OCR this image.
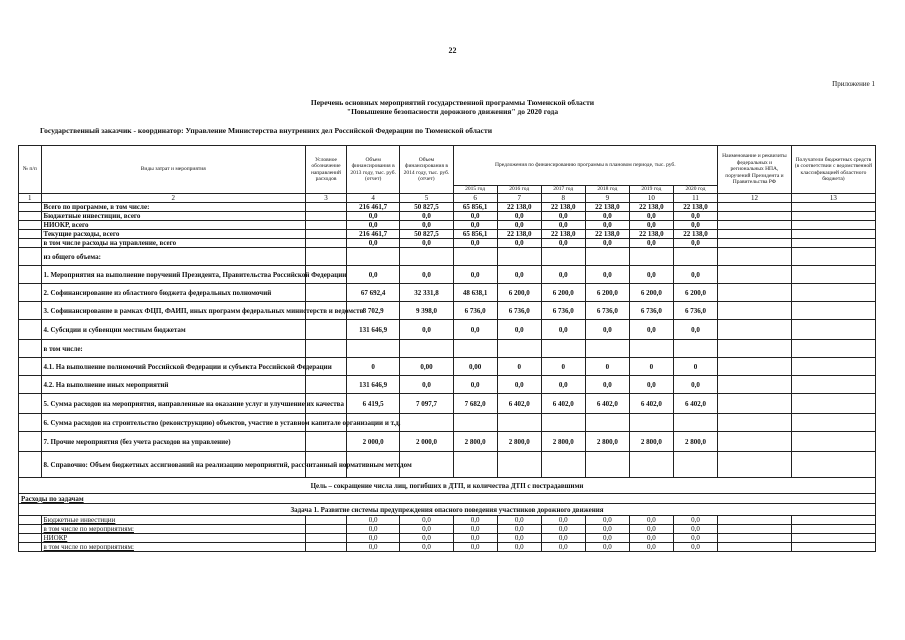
22
Приложение 1
Перечень основных мероприятий государственной программы Тюменской области
"Повышение безопасности дорожного движения" до 2020 года
Государственный заказчик - координатор: Управление Министерства внутренних дел Российской Федерации по Тюменской области
№ п/п	Виды затрат и мероприятия	Условное обозначение направлений расходов	Объем финансирования в 2013 году, тыс. руб. (отчет)	Объем финансирования в 2014 году, тыс. руб. (отчет)	Предложения по финансированию программы в плановом периоде, тыс. руб.						Наименование и реквизиты федеральных и региональных НПА, поручений Президента и Правительства РФ	Получатели бюджетных средств (в соответствии с ведомственной классификацией областного бюджета)
					2015 год	2016 год	2017 год	2018 год	2019 год	2020 год		
1	2	3	4	5	6	7	8	9	10	11	12	13
	Всего по программе, в том числе:		216 461,7	50 827,5	65 856,1	22 138,0	22 138,0	22 138,0	22 138,0	22 138,0		
	Бюджетные инвестиции, всего		0,0	0,0	0,0	0,0	0,0	0,0	0,0	0,0		
	НИОКР, всего		0,0	0,0	0,0	0,0	0,0	0,0	0,0	0,0		
	Текущие расходы, всего		216 461,7	50 827,5	65 856,1	22 138,0	22 138,0	22 138,0	22 138,0	22 138,0		
	в том числе расходы на управление, всего		0,0	0,0	0,0	0,0	0,0	0,0	0,0	0,0		
	из общего объема:											
	1. Мероприятия на выполнение поручений Президента, Правительства Российской Федерации		0,0	0,0	0,0	0,0	0,0	0,0	0,0	0,0		
	2. Софинансирование из областного бюджета федеральных полномочий		67 692,4	32 331,8	48 638,1	6 200,0	6 200,0	6 200,0	6 200,0	6 200,0		
	3. Софинансирование в рамках ФЦП, ФАИП, иных программ федеральных министерств и ведомств		8 702,9	9 398,0	6 736,0	6 736,0	6 736,0	6 736,0	6 736,0	6 736,0		
	4. Субсидии и субвенции местным бюджетам		131 646,9	0,0	0,0	0,0	0,0	0,0	0,0	0,0		
	в том числе:											
	4.1. На выполнение полномочий Российской Федерации и субъекта Российской Федерации		0	0,00	0,00	0	0	0	0	0		
	4.2. На выполнение иных мероприятий		131 646,9	0,0	0,0	0,0	0,0	0,0	0,0	0,0		
	5. Сумма расходов на мероприятия, направленные на оказание услуг и улучшение их качества		6 419,5	7 097,7	7 682,0	6 402,0	6 402,0	6 402,0	6 402,0	6 402,0		
	6. Сумма расходов на строительство (реконструкцию) объектов, участие в уставном капитале организации и т.д.											
	7. Прочие мероприятия (без учета расходов на управление)		2 000,0	2 000,0	2 800,0	2 800,0	2 800,0	2 800,0	2 800,0	2 800,0		
	8. Справочно: Объем бюджетных ассигнований на реализацию мероприятий, рассчитанный нормативным методом											
Цель – сокращение числа лиц, погибших в ДТП, и количества ДТП с пострадавшими												
Расходы по задачам												
Задача 1. Развитие системы предупреждения опасного поведения участников дорожного движения												
	Бюджетные инвестиции		0,0	0,0	0,0	0,0	0,0	0,0	0,0	0,0		
	в том числе по мероприятиям:		0,0	0,0	0,0	0,0	0,0	0,0	0,0	0,0		
	НИОКР		0,0	0,0	0,0	0,0	0,0	0,0	0,0	0,0		
	в том числе по мероприятиям:		0,0	0,0	0,0	0,0	0,0	0,0	0,0	0,0		
